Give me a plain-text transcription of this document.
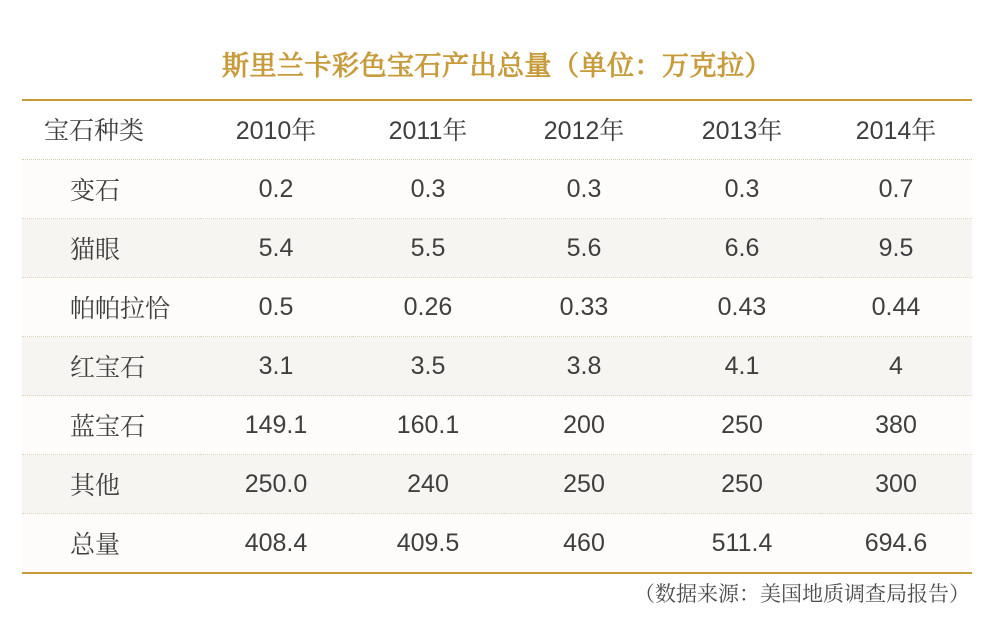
斯里兰卡彩色宝石产出总量（单位：万克拉）
宝石种类	2010年	2011年	2012年	2013年	2014年
变石	0.2	0.3	0.3	0.3	0.7
猫眼	5.4	5.5	5.6	6.6	9.5
帕帕拉恰	0.5	0.26	0.33	0.43	0.44
红宝石	3.1	3.5	3.8	4.1	4
蓝宝石	149.1	160.1	200	250	380
其他	250.0	240	250	250	300
总量	408.4	409.5	460	511.4	694.6
（数据来源：美国地质调查局报告）
